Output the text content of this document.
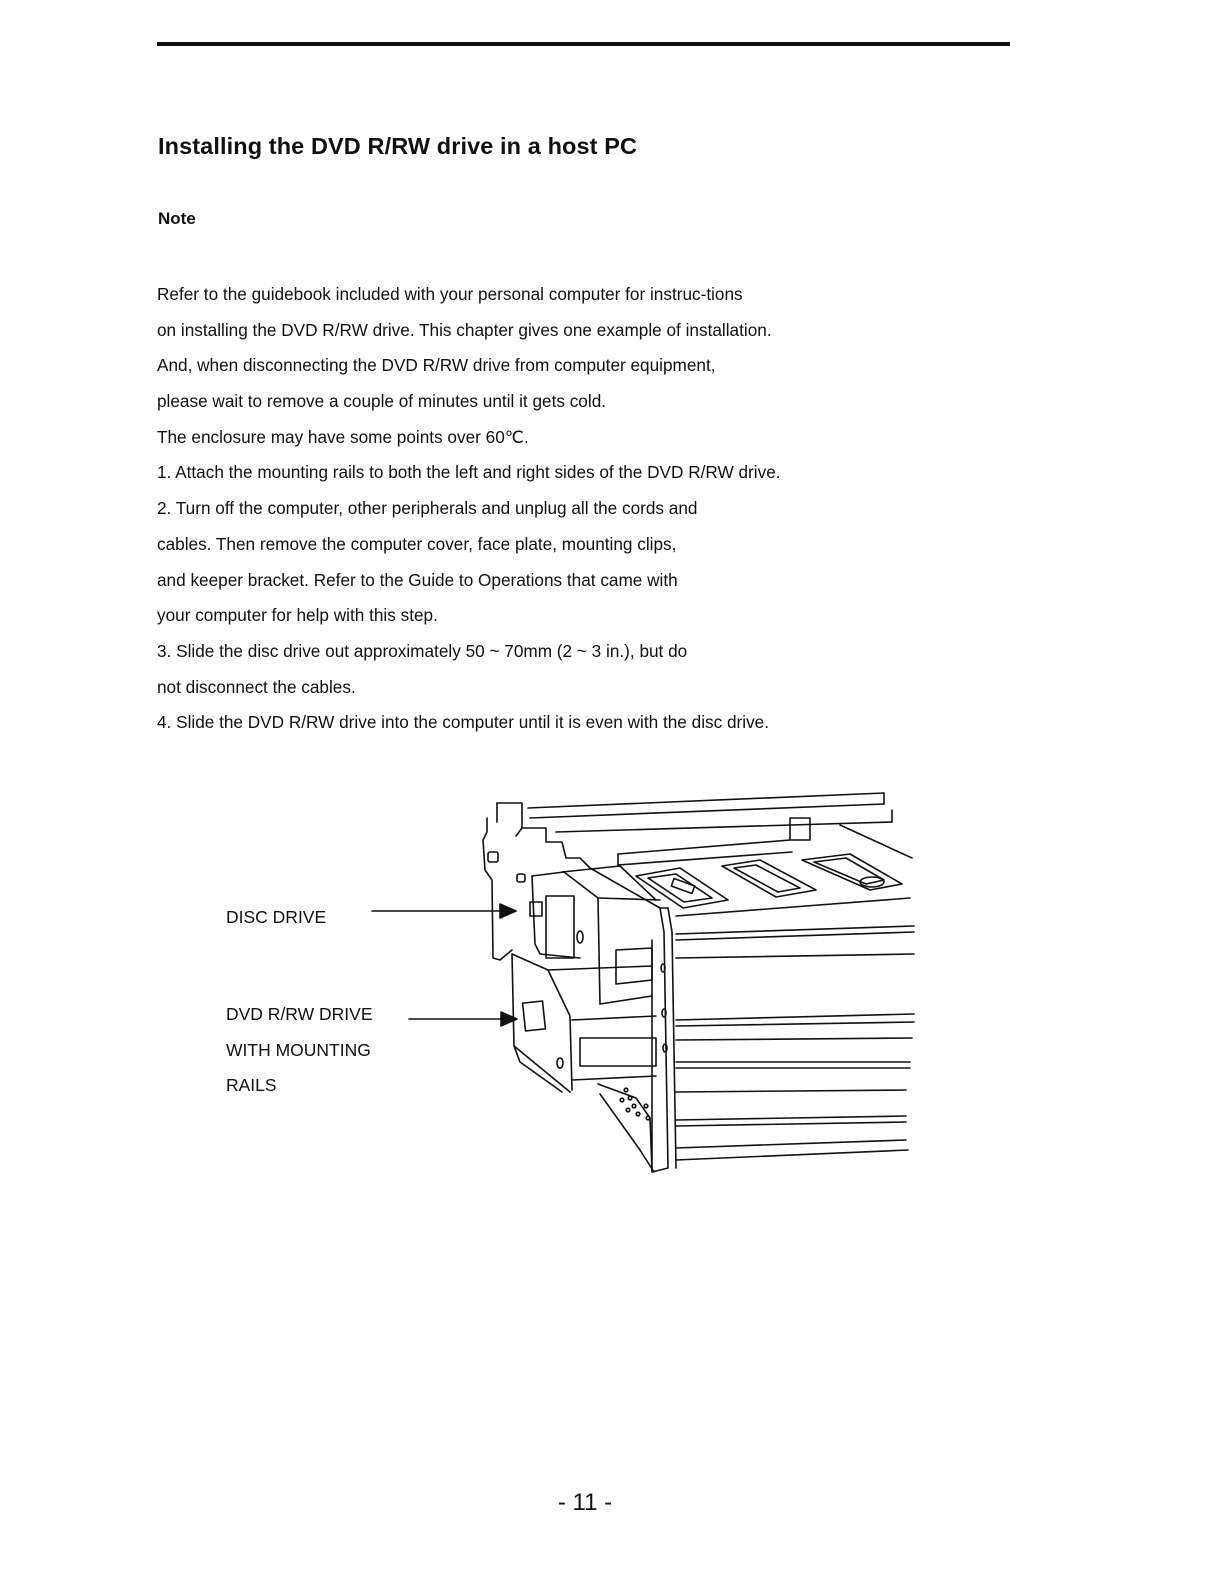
Installing the DVD R/RW drive in a host PC
Note
Refer to the guidebook included with your personal computer for instruc-tions
on installing the DVD R/RW drive. This chapter gives one example of installation.
And, when disconnecting the DVD R/RW drive from computer equipment,
please wait to remove a couple of minutes until it gets cold.
The enclosure may have some points over 60℃.
1. Attach the mounting rails to both the left and right sides of the DVD R/RW drive.
2. Turn off the computer, other peripherals and unplug all the cords and
cables. Then remove the computer cover, face plate, mounting clips,
and keeper bracket. Refer to the Guide to Operations that came with
your computer for help with this step.
3. Slide the disc drive out approximately 50 ~ 70mm (2 ~ 3 in.), but do
not disconnect the cables.
4. Slide the DVD R/RW drive into the computer until it is even with the disc drive.
DISC DRIVE
DVD R/RW DRIVE
WITH MOUNTING
RAILS
- 11 -
